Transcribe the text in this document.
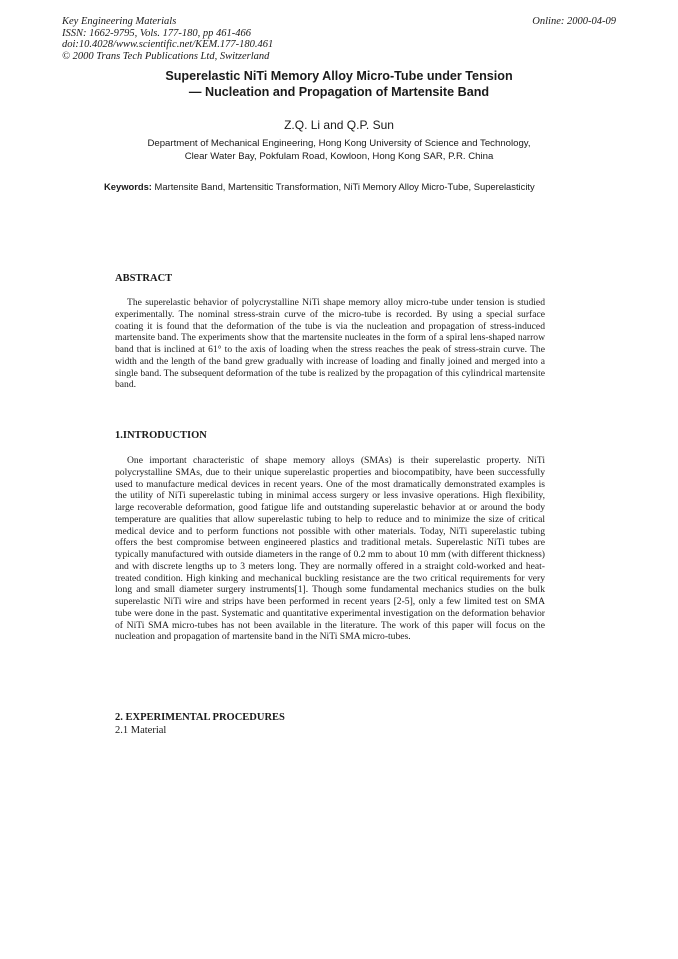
Key Engineering Materials
ISSN: 1662-9795, Vols. 177-180, pp 461-466
doi:10.4028/www.scientific.net/KEM.177-180.461
© 2000 Trans Tech Publications Ltd, Switzerland
Online: 2000-04-09
Superelastic NiTi Memory Alloy Micro-Tube under Tension
— Nucleation and Propagation of Martensite Band
Z.Q. Li and Q.P. Sun
Department of Mechanical Engineering, Hong Kong University of Science and Technology,
Clear Water Bay, Pokfulam Road, Kowloon, Hong Kong SAR, P.R. China
Keywords: Martensite Band, Martensitic Transformation, NiTi Memory Alloy Micro-Tube, Superelasticity
ABSTRACT

The superelastic behavior of polycrystalline NiTi shape memory alloy micro-tube under tension is studied experimentally. The nominal stress-strain curve of the micro-tube is recorded. By using a special surface coating it is found that the deformation of the tube is via the nucleation and propagation of stress-induced martensite band. The experiments show that the martensite nucleates in the form of a spiral lens-shaped narrow band that is inclined at 61° to the axis of loading when the stress reaches the peak of stress-strain curve. The width and the length of the band grew gradually with increase of loading and finally joined and merged into a single band. The subsequent deformation of the tube is realized by the propagation of this cylindrical martensite band.

1.INTRODUCTION

One important characteristic of shape memory alloys (SMAs) is their superelastic property. NiTi polycrystalline SMAs, due to their unique superelastic properties and biocompatibity, have been successfully used to manufacture medical devices in recent years. One of the most dramatically demonstrated examples is the utility of NiTi superelastic tubing in minimal access surgery or less invasive operations. High flexibility, large recoverable deformation, good fatigue life and outstanding superelastic behavior at or around the body temperature are qualities that allow superelastic tubing to help to reduce and to minimize the size of critical medical device and to perform functions not possible with other materials. Today, NiTi superelastic tubing offers the best compromise between engineered plastics and traditional metals. Superelastic NiTi tubes are typically manufactured with outside diameters in the range of 0.2 mm to about 10 mm (with different thickness) and with discrete lengths up to 3 meters long. They are normally offered in a straight cold-worked and heat-treated condition. High kinking and mechanical buckling resistance are the two critical requirements for very long and small diameter surgery instruments[1]. Though some fundamental mechanics studies on the bulk superelastic NiTi wire and strips have been performed in recent years [2-5], only a few limited test on SMA tube were done in the past. Systematic and quantitative experimental investigation on the deformation behavior of NiTi SMA micro-tubes has not been available in the literature. The work of this paper will focus on the nucleation and propagation of martensite band in the NiTi SMA micro-tubes.

2. EXPERIMENTAL PROCEDURES
2.1 Material
